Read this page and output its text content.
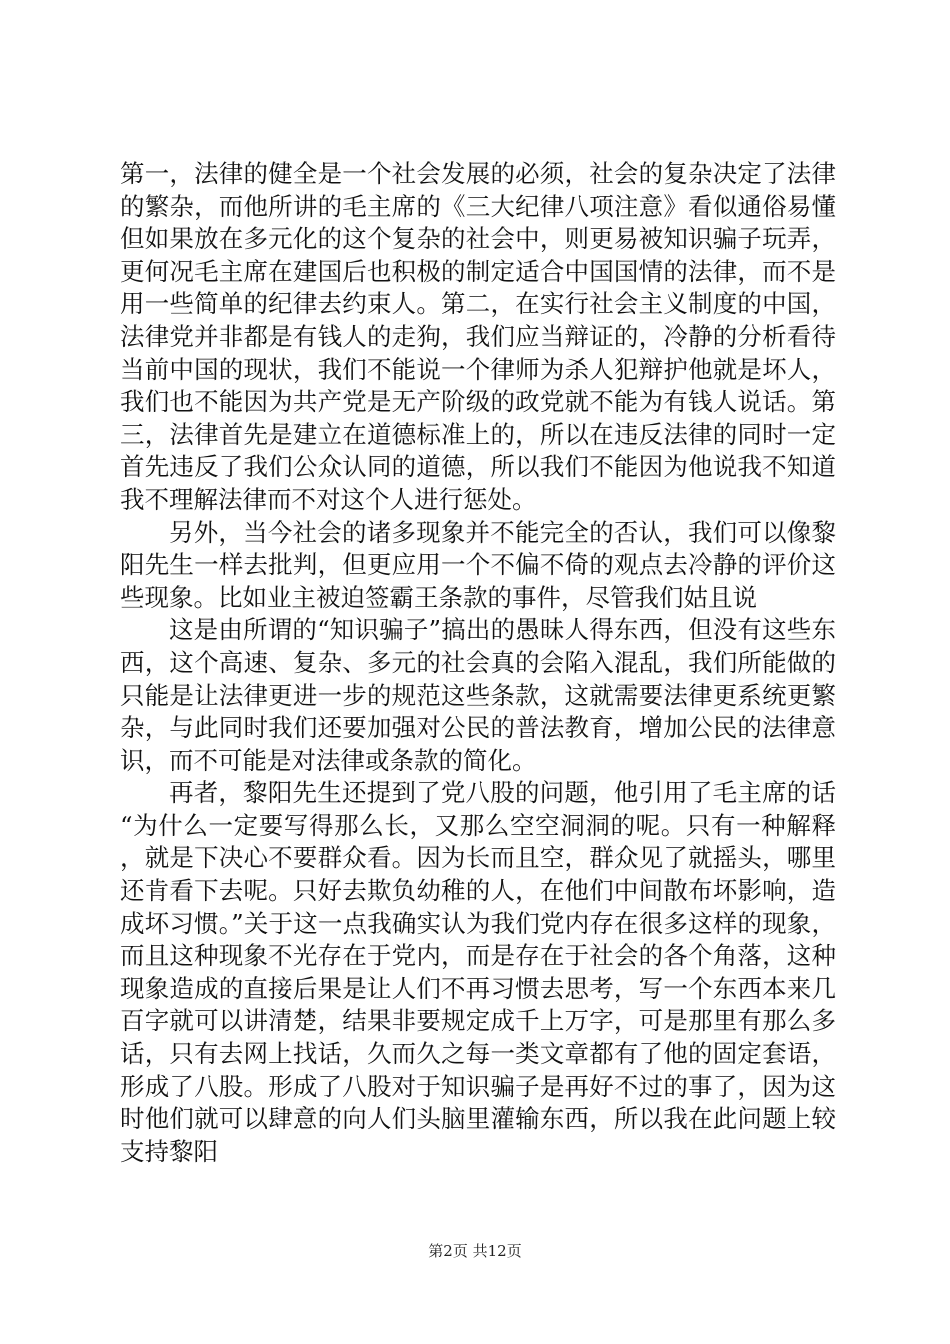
第一，法律的健全是一个社会发展的必须，社会的复杂决定了法律的繁杂，而他所讲的毛主席的《三大纪律八项注意》看似通俗易懂但如果放在多元化的这个复杂的社会中，则更易被知识骗子玩弄，更何况毛主席在建国后也积极的制定适合中国国情的法律，而不是用一些简单的纪律去约束人。第二，在实行社会主义制度的中国，法律党并非都是有钱人的走狗，我们应当辩证的，冷静的分析看待当前中国的现状，我们不能说一个律师为杀人犯辩护他就是坏人，我们也不能因为共产党是无产阶级的政党就不能为有钱人说话。第三，法律首先是建立在道德标准上的，所以在违反法律的同时一定首先违反了我们公众认同的道德，所以我们不能因为他说我不知道我不理解法律而不对这个人进行惩处。

另外，当今社会的诸多现象并不能完全的否认，我们可以像黎阳先生一样去批判，但更应用一个不偏不倚的观点去冷静的评价这些现象。比如业主被迫签霸王条款的事件，尽管我们姑且说

这是由所谓的“知识骗子”搞出的愚昧人得东西，但没有这些东西，这个高速、复杂、多元的社会真的会陷入混乱，我们所能做的只能是让法律更进一步的规范这些条款，这就需要法律更系统更繁杂，与此同时我们还要加强对公民的普法教育，增加公民的法律意识，而不可能是对法律或条款的简化。

再者，黎阳先生还提到了党八股的问题，他引用了毛主席的话“为什么一定要写得那么长，又那么空空洞洞的呢。只有一种解释，就是下决心不要群众看。因为长而且空，群众见了就摇头，哪里还肯看下去呢。只好去欺负幼稚的人，在他们中间散布坏影响，造成坏习惯。”关于这一点我确实认为我们党内存在很多这样的现象，而且这种现象不光存在于党内，而是存在于社会的各个角落，这种现象造成的直接后果是让人们不再习惯去思考，写一个东西本来几百字就可以讲清楚，结果非要规定成千上万字，可是那里有那么多话，只有去网上找话，久而久之每一类文章都有了他的固定套语，形成了八股。形成了八股对于知识骗子是再好不过的事了，因为这时他们就可以肆意的向人们头脑里灌输东西，所以我在此问题上较支持黎阳

第2页 共12页
